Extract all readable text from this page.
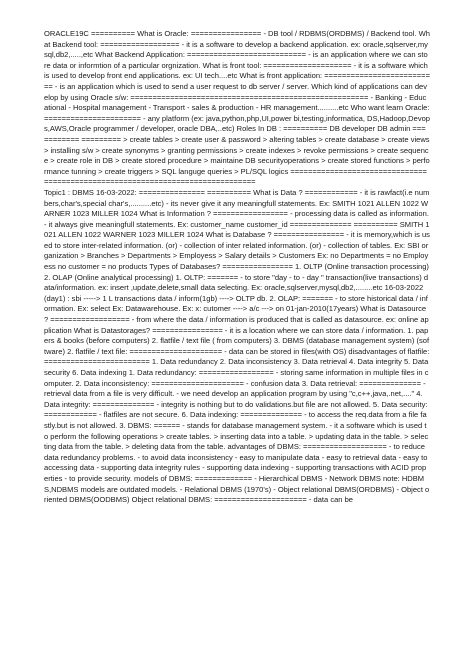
ORACLE19C ========== What is Oracle: ================ - DB tool / RDBMS(ORDBMS) / Backend tool. What Backend tool: ================== - it is a software to develop a backend application. ex: oracle,sqlserver,mysql,db2,.....,etc What Backend Application: =========================== - is an application where we can store data or informtion of a particular orgnization. What is front tool: ==================== - it is a software which is used to develop front end applications. ex: UI tech....etc What is front application: ========================== - is an application which is used to send a user request to db server / server. Which kind of applications can develop by using Oracle s/w: ====================================================== - Banking - Educational - Hospital management - Transport - sales & production - HR management..........etc Who want learn Oracle: ====================== - any platform (ex: java,python,php,UI,power bi,testing,informatica, DS,Hadoop,Devops,AWS,Oracle programmer / developer, oracle DBA,..etc) Roles In DB : ========== DB developer DB admin =========== ========= > create tables > create user & password > altering tables > create database > create views > installing s/w > create synonyms > granting permissions > create indexes > revoke permissions > create sequence > create role in DB > create stored procedure > maintaine DB securityoperations > create stored functions > performance tunning > create triggers > SQL languge queries > PL/SQL logics ===============================================================================

Topic1 : DBMS 16-03-2022: =============== ========== What is Data ? ============ - it is rawfact(i.e numbers,char's,special char's,..........etc) - its never give it any meaningfull statements. Ex: SMITH 1021 ALLEN 1022 WARNER 1023 MILLER 1024 What is Information ? ================= - processing data is called as information. - it always give meaningfull statements. Ex: customer_name customer_id ============== ========== SMITH 1021 ALLEN 1022 WARNER 1023 MILLER 1024 What is Database ? ================ - it is memory,which is used to store inter-related information. (or) - collection of inter related information. (or) - collection of tables. Ex: SBI organization > Branches > Departments > Employess > Salary details > Customers Ex: no Departments = no Employess no customer = no products Types of Databases? ================ 1. OLTP (Online transaction processing) 2. OLAP (Online analytical processing) 1. OLTP: ======= - to store "day - to - day " transaction(live transactions) data/information. ex: insert ,update,delete,small data selecting. Ex: oracle,sqlserver,mysql,db2,........etc 16-03-2022 (day1) : sbi -----> 1 L transactions data / inform(1gb) ----> OLTP db. 2. OLAP: ======= - to store historical data / information. Ex: select Ex: Datawarehouse. Ex: x: cutomer ----> a/c ---> on 01-jan-2010(17years) What is Datasource ? ================== - from where the data / information is produced that is called as datasource. ex: online application What is Datastorages? ================ - it is a location where we can store data / information. 1. papers & books (before computers) 2. flatfile / text file ( from computers) 3. DBMS (database management system) (software) 2. flatfile / text file: ===================== - data can be stored in files(with OS) disadvantages of flatfile: ======================== 1. Data redundancy 2. Data inconsistency 3. Data retrieval 4. Data integrity 5. Data security 6. Data indexing 1. Data redundancy: ================= - storing same information in multiple files in computer. 2. Data inconsistency: ===================== - confusion data 3. Data retrieval: ============== - retrieval data from a file is very difficult. - we need develop an application program by using "c,c++,java,.net,...." 4. Data integrity: ============== - integrity is nothing but to do validations.but file are not allowed. 5. Data security: ============ - flatfiles are not secure. 6. Data indexing: ============== - to access the req.data from a file fastly.but is not allowed. 3. DBMS: ====== - stands for database management system. - it a software which is used to perform the following operations > create tables. > inserting data into a table. > updating data in the table. > selecting data from the table. > deleting data from the table. advantages of DBMS: =================== - to reduce data redundancy problems. - to avoid data inconsistency - easy to manipulate data - easy to retrieval data - easy to accessing data - supporting data integrity rules - supporting data indexing - supporting transactions with ACID properties - to provide security. models of DBMS: ============= - Hierarchical DBMS - Network DBMS note: HDBMS,NDBMS models are outdated models. - Relational DBMS (1970's) - Object relational DBMS(ORDBMS) - Object oriented DBMS(OODBMS) Object relational DBMS: ===================== - data can be
